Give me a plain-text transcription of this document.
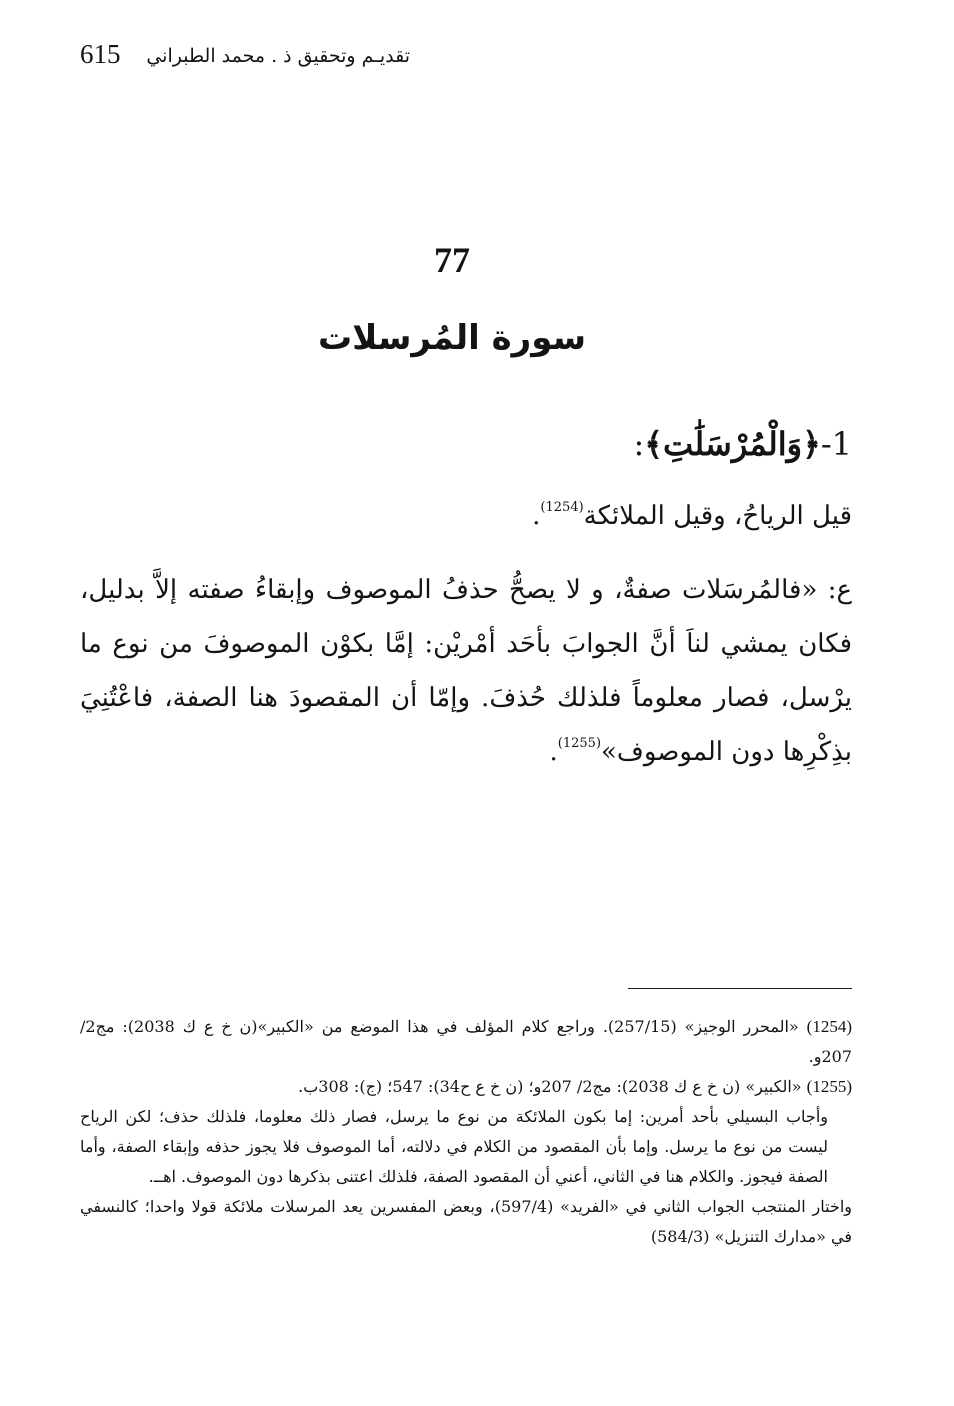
615 تقديـم وتحقيق ذ . محمد الطبراني
77
سورة المُرسلات
1-﴿وَالْمُرْسَلَٰتِ﴾:
قيل الرياحُ، وقيل الملائكة$^{(1254)}$.
ع: «فالمُرسَلات صفةٌ، و لا يصحُّ حذفُ الموصوف وإبقاءُ صفته إلاَّ بدليل، فكان يمشي لناَ أنَّ الجوابَ بأحَد أمْريْن: إمَّا بكوْن الموصوفَ من نوع ما يرْسل، فصار معلوماً فلذلك حُذفَ. وإمّا أن المقصودَ هنا الصفة، فاعْتُنِيَ بذِكْرِها دون الموصوف»$^{(1255)}$.

(1254) «المحرر الوجيز» (257/15). وراجع كلام المؤلف في هذا الموضع من «الكبير»(ن خ ع ك 2038): مج2/ 207و.

(1255) «الكبير» (ن خ ع ك 2038): مج2/ 207و؛ (ن خ ع ح34): 547؛ (ج): 308ب.

وأجاب البسيلي بأحد أمرين: إما بكون الملائكة من نوع ما يرسل، فصار ذلك معلوما، فلذلك حذف؛ لكن الرياح ليست من نوع ما يرسل. وإما بأن المقصود من الكلام في دلالته، أما الموصوف فلا يجوز حذفه وإبقاء الصفة، وأما الصفة فيجوز. والكلام هنا في الثاني، أعني أن المقصود الصفة، فلذلك اعتنى بذكرها دون الموصوف. اهــ.

واختار المنتجب الجواب الثاني في «الفريد» (597/4)، وبعض المفسرين يعد المرسلات ملائكة قولا واحدا؛ كالنسفي في «مدارك التنزيل» (584/3)
